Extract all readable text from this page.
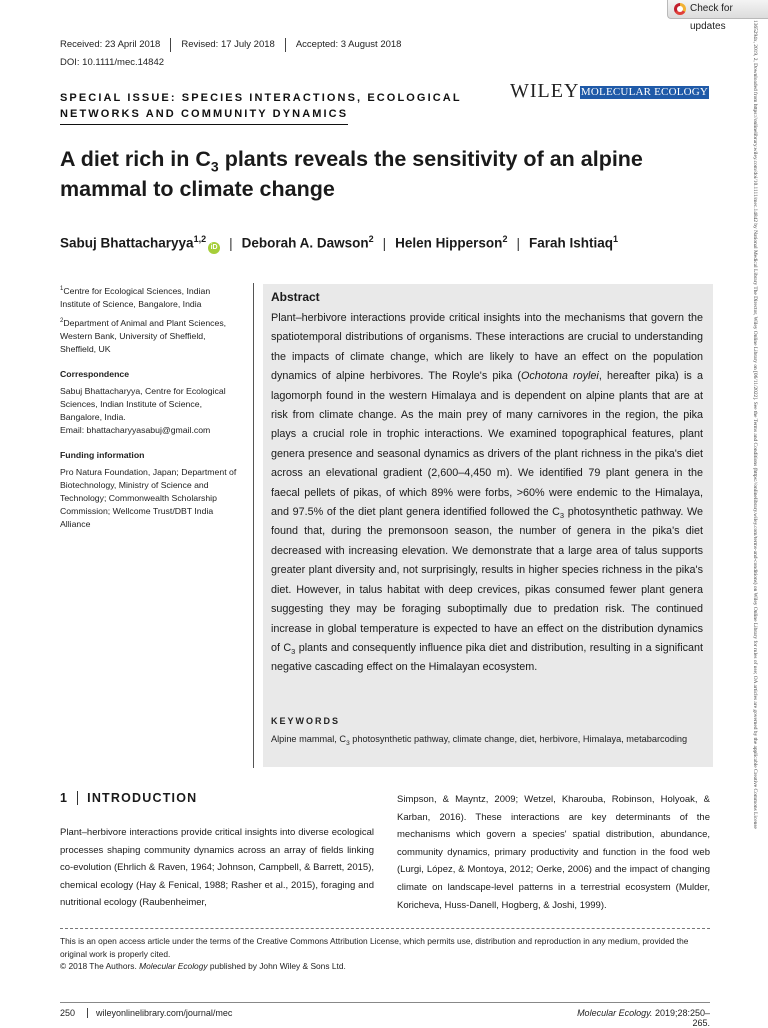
Check for updates
Received: 23 April 2018 Revised: 17 July 2018 Accepted: 3 August 2018
DOI: 10.1111/mec.14842
SPECIAL ISSUE: SPECIES INTERACTIONS, ECOLOGICAL
NETWORKS AND COMMUNITY DYNAMICS
WILEY MOLECULAR ECOLOGY
A diet rich in $C_3$ plants reveals the sensitivity of an alpine mammal to climate change
Sabuj Bhattacharyya$^{1,2}$iD | Deborah A. Dawson$^2$ | Helen Hipperson$^2$ | Farah Ishtiaq$^1$

$^1$Centre for Ecological Sciences, Indian Institute of Science, Bangalore, India

$^2$Department of Animal and Plant Sciences, Western Bank, University of Sheffield, Sheffield, UK

Correspondence

Sabuj Bhattacharyya, Centre for Ecological Sciences, Indian Institute of Science, Bangalore, India.
Email: bhattacharyyasabuj@gmail.com

Funding information

Pro Natura Foundation, Japan; Department of Biotechnology, Ministry of Science and Technology; Commonwealth Scholarship Commission; Wellcome Trust/DBT India Alliance

Abstract
Plant–herbivore interactions provide critical insights into the mechanisms that govern the spatiotemporal distributions of organisms. These interactions are crucial to understanding the impacts of climate change, which are likely to have an effect on the population dynamics of alpine herbivores. The Royle's pika (Ochotona roylei, hereafter pika) is a lagomorph found in the western Himalaya and is dependent on alpine plants that are at risk from climate change. As the main prey of many carnivores in the region, the pika plays a crucial role in trophic interactions. We examined topographical features, plant genera presence and seasonal dynamics as drivers of the plant richness in the pika's diet across an elevational gradient (2,600–4,450 m). We identified 79 plant genera in the faecal pellets of pikas, of which 89% were forbs, >60% were endemic to the Himalaya, and 97.5% of the diet plant genera identified followed the $C_3$ photosynthetic pathway. We found that, during the premonsoon season, the number of genera in the pika's diet decreased with increasing elevation. We demonstrate that a large area of talus supports greater plant diversity and, not surprisingly, results in higher species richness in the pika's diet. However, in talus habitat with deep crevices, pikas consumed fewer plant genera suggesting they may be foraging suboptimally due to predation risk. The continued increase in global temperature is expected to have an effect on the distribution dynamics of $C_3$ plants and consequently influence pika diet and distribution, resulting in a significant negative cascading effect on the Himalayan ecosystem.
KEYWORDS
Alpine mammal, $C_3$ photosynthetic pathway, climate change, diet, herbivore, Himalaya, metabarcoding
1 INTRODUCTION
Plant–herbivore interactions provide critical insights into diverse ecological processes shaping community dynamics across an array of fields linking co-evolution (Ehrlich & Raven, 1964; Johnson, Campbell, & Barrett, 2015), chemical ecology (Hay & Fenical, 1988; Rasher et al., 2015), foraging and nutritional ecology (Raubenheimer,
Simpson, & Mayntz, 2009; Wetzel, Kharouba, Robinson, Holyoak, & Karban, 2016). These interactions are key determinants of the mechanisms which govern a species' spatial distribution, abundance, community dynamics, primary productivity and function in the food web (Lurgi, López, & Montoya, 2012; Oerke, 2006) and the impact of changing climate on landscape-level patterns in a terrestrial ecosystem (Mulder, Koricheva, Huss-Danell, Hogberg, & Joshi, 1999).
This is an open access article under the terms of the Creative Commons Attribution License, which permits use, distribution and reproduction in any medium, provided the original work is properly cited.
© 2018 The Authors. Molecular Ecology published by John Wiley & Sons Ltd.
250	wileyonlinelibrary.com/journal/mec	Molecular Ecology. 2019;28:250–265.
1365294x, 2019, 2, Downloaded from https://onlinelibrary.wiley.com/doi/10.1111/mec.14842 by National Medical Library The Director, Wiley Online Library on [06/11/2022]. See the Terms and Conditions (https://onlinelibrary.wiley.com/terms-and-conditions) on Wiley Online Library for rules of use; OA articles are governed by the applicable Creative Commons License
